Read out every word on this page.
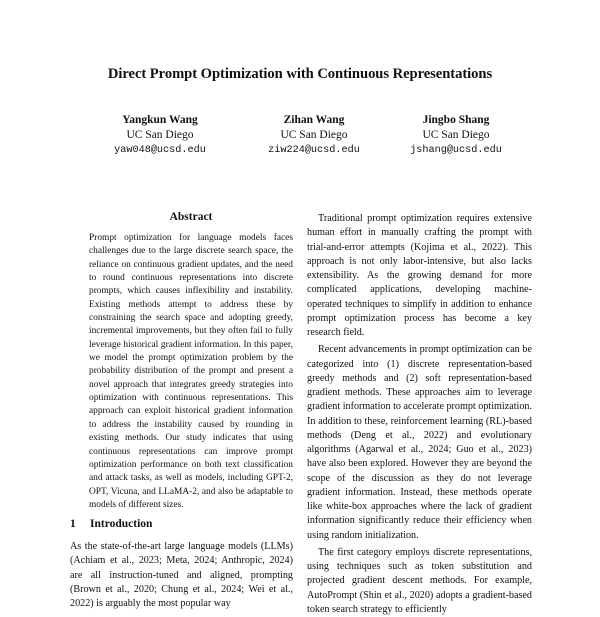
Direct Prompt Optimization with Continuous Representations
Yangkun Wang
UC San Diego
yaw048@ucsd.edu
Zihan Wang
UC San Diego
ziw224@ucsd.edu
Jingbo Shang
UC San Diego
jshang@ucsd.edu
Abstract

Prompt optimization for language models faces challenges due to the large discrete search space, the reliance on continuous gradient updates, and the need to round continuous representations into discrete prompts, which causes inflexibility and instability. Existing methods attempt to address these by constraining the search space and adopting greedy, incremental improvements, but they often fail to fully leverage historical gradient information. In this paper, we model the prompt optimization problem by the probability distribution of the prompt and present a novel approach that integrates greedy strategies into optimization with continuous representations. This approach can exploit historical gradient information to address the instability caused by rounding in existing methods. Our study indicates that using continuous representations can improve prompt optimization performance on both text classification and attack tasks, as well as models, including GPT-2, OPT, Vicuna, and LLaMA-2, and also be adaptable to models of different sizes.

1 Introduction

As the state-of-the-art large language models (LLMs) (Achiam et al., 2023; Meta, 2024; Anthropic, 2024) are all instruction-tuned and aligned, prompting (Brown et al., 2020; Chung et al., 2024; Wei et al., 2022) is arguably the most popular way

Traditional prompt optimization requires extensive human effort in manually crafting the prompt with trial-and-error attempts (Kojima et al., 2022). This approach is not only labor-intensive, but also lacks extensibility. As the growing demand for more complicated applications, developing machine-operated techniques to simplify in addition to enhance prompt optimization process has become a key research field.

Recent advancements in prompt optimization can be categorized into (1) discrete representation-based greedy methods and (2) soft representation-based gradient methods. These approaches aim to leverage gradient information to accelerate prompt optimization. In addition to these, reinforcement learning (RL)-based methods (Deng et al., 2022) and evolutionary algorithms (Agarwal et al., 2024; Guo et al., 2023) have also been explored. However they are beyond the scope of the discussion as they do not leverage gradient information. Instead, these methods operate like white-box approaches where the lack of gradient information significantly reduce their efficiency when using random initialization.

The first category employs discrete representations, using techniques such as token substitution and projected gradient descent methods. For example, AutoPrompt (Shin et al., 2020) adopts a gradient-based token search strategy to efficiently
